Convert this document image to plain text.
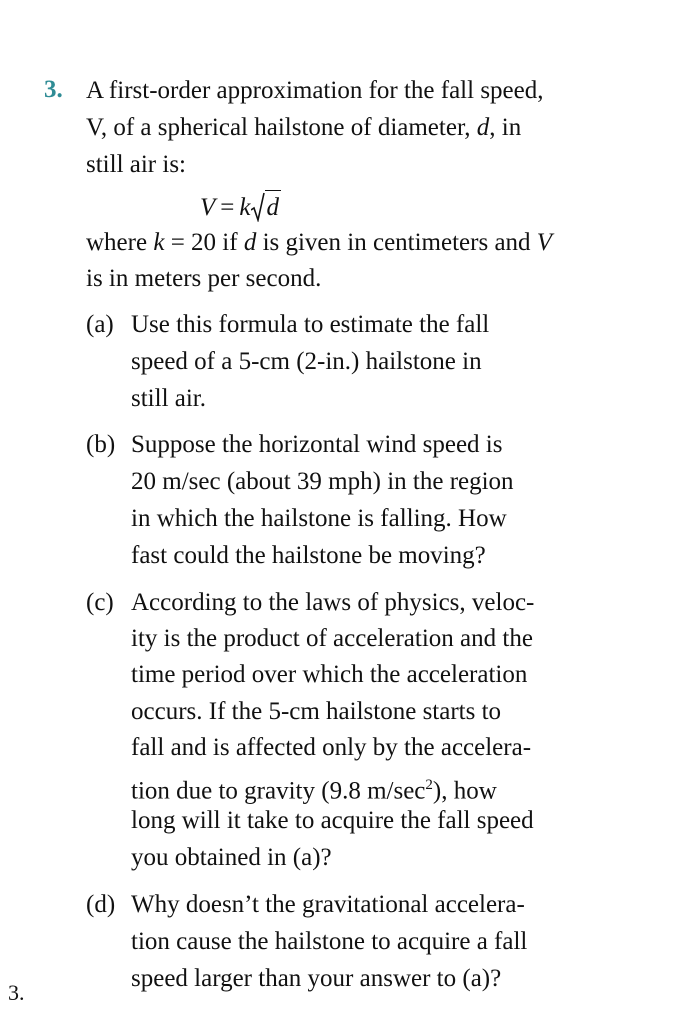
3. A first-order approximation for the fall speed,
V, of a spherical hailstone of diameter, d, in
still air is:
V = k d
where k = 20 if d is given in centimeters and V
is in meters per second.
(a) Use this formula to estimate the fall
speed of a 5-cm (2-in.) hailstone in
still air.
(b) Suppose the horizontal wind speed is
20 m/sec (about 39 mph) in the region
in which the hailstone is falling. How
fast could the hailstone be moving?
(c) According to the laws of physics, veloc-
ity is the product of acceleration and the
time period over which the acceleration
occurs. If the 5-cm hailstone starts to
fall and is affected only by the accelera-
tion due to gravity (9.8 $m/\sec^2$), how
long will it take to acquire the fall speed
you obtained in (a)?
(d) Why doesn’t the gravitational accelera-
tion cause the hailstone to acquire a fall
speed larger than your answer to (a)?
3.
